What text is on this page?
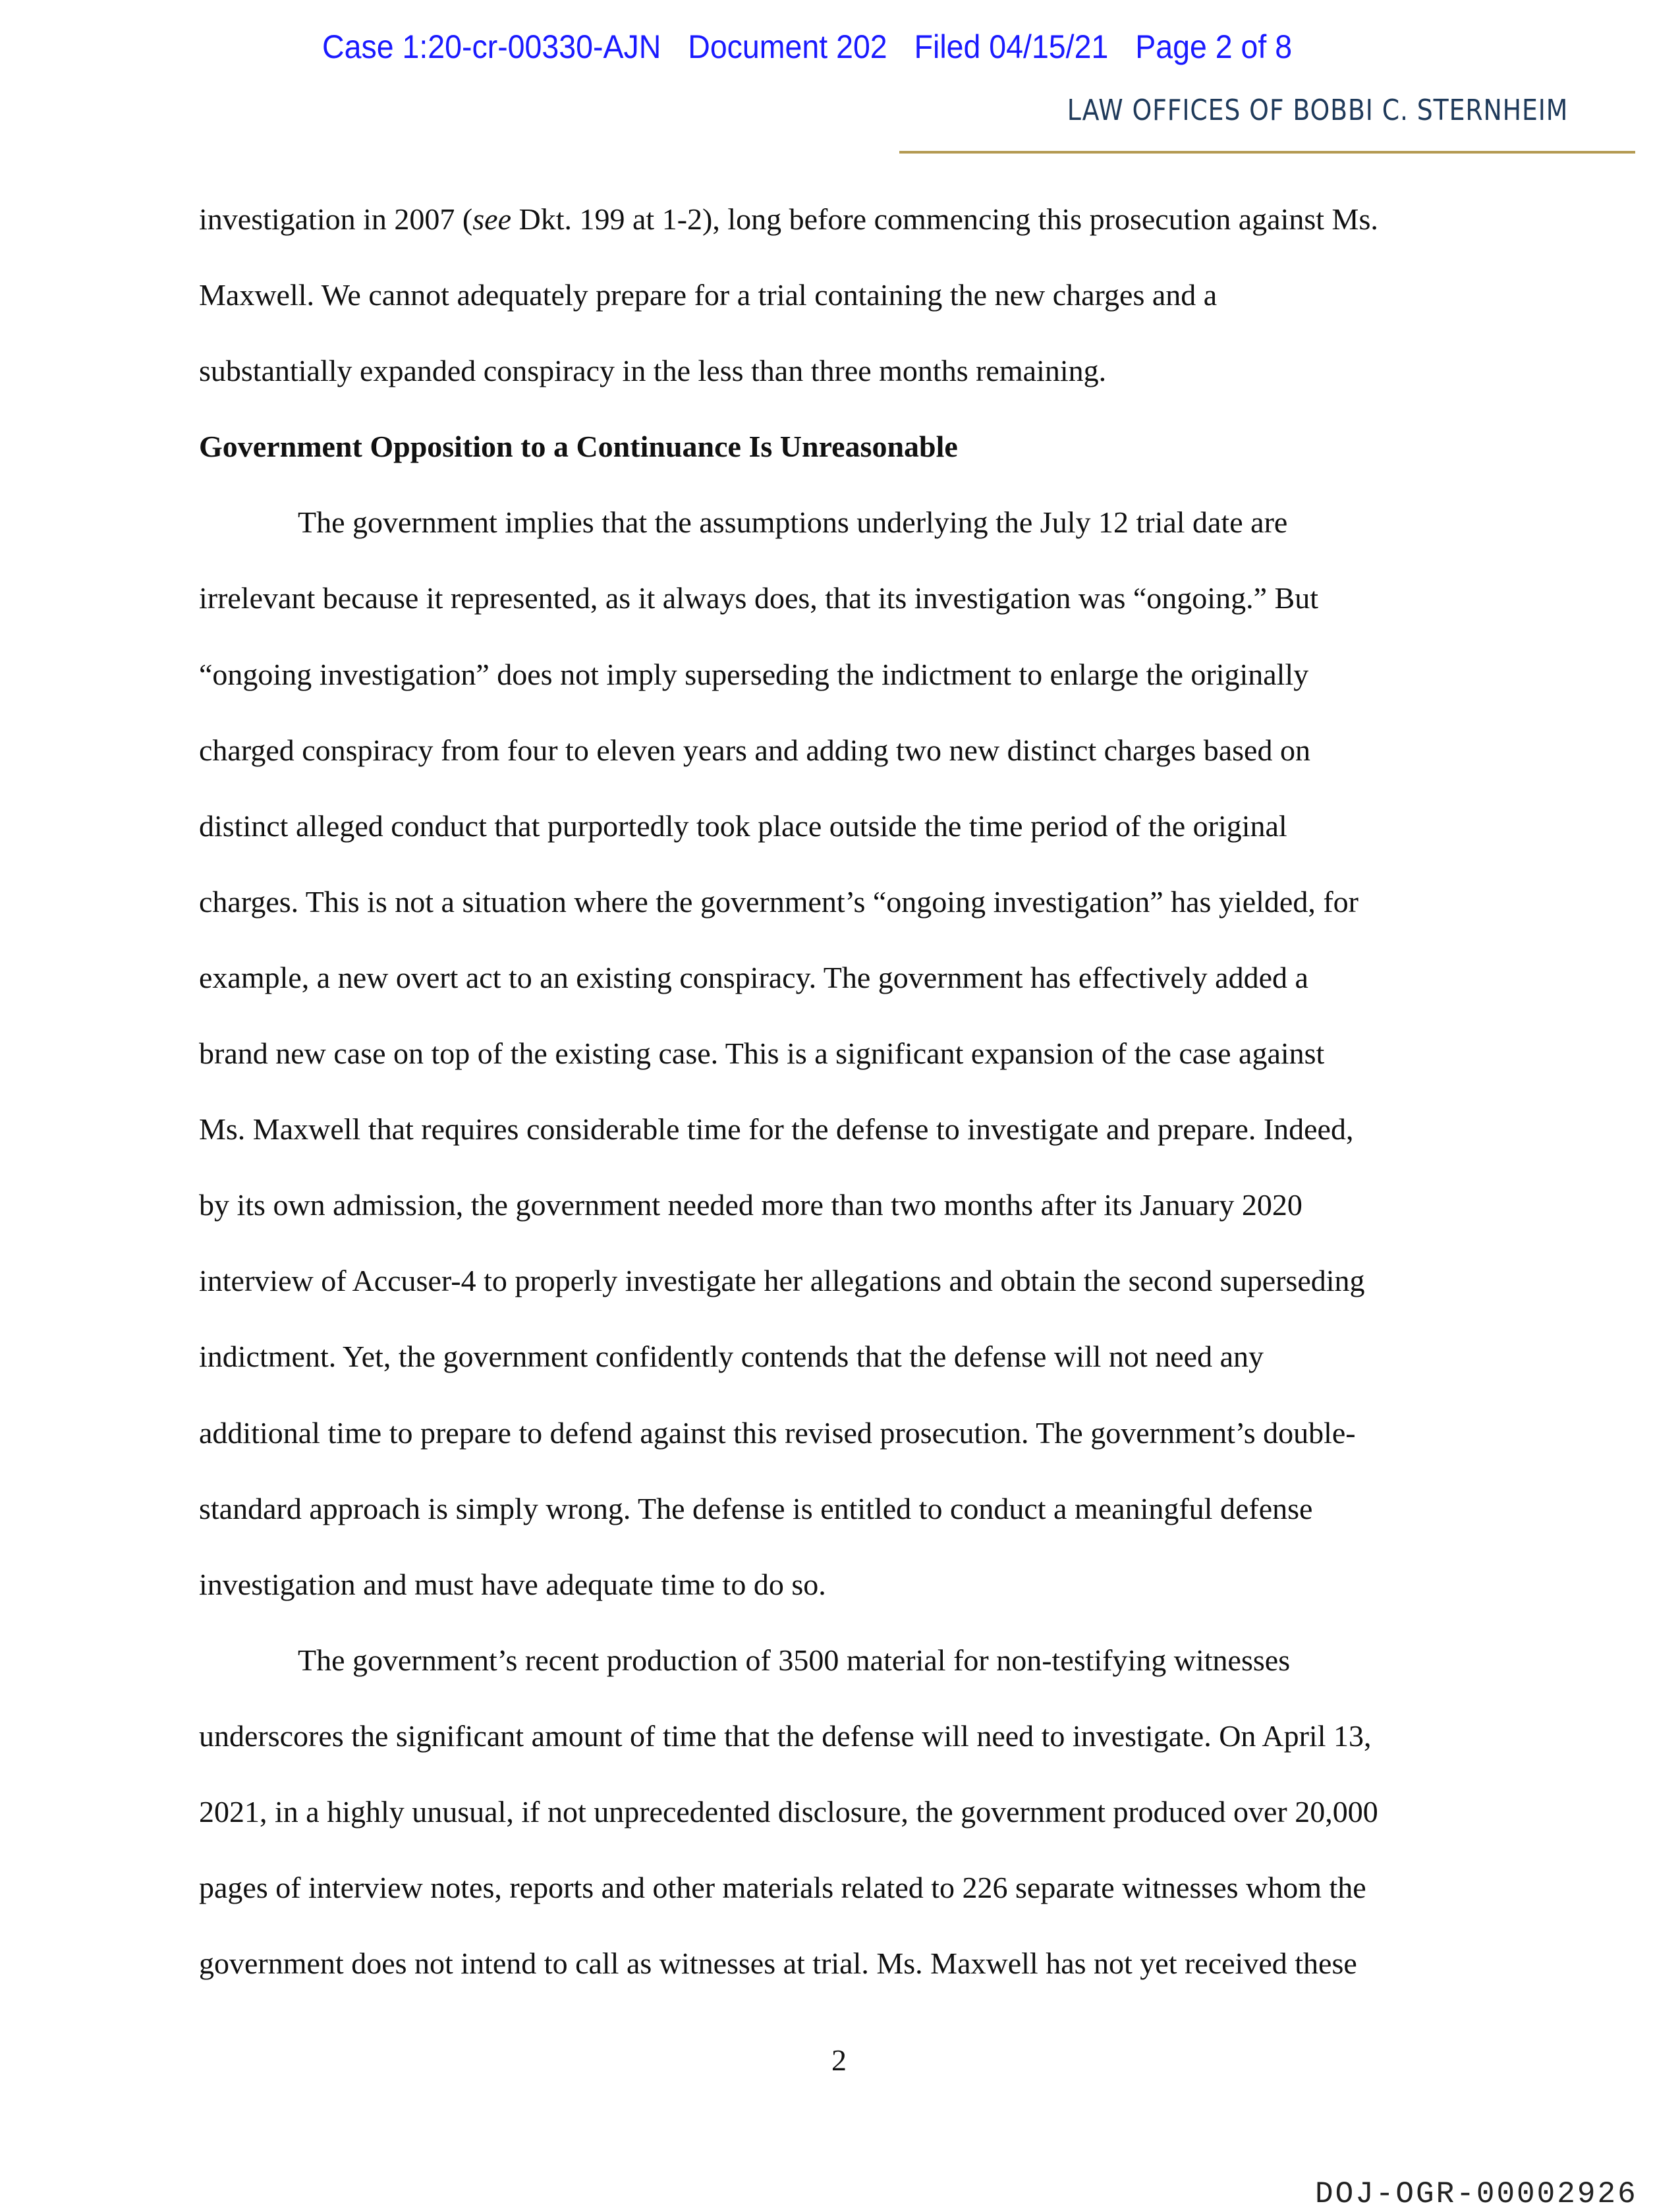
Case 1:20-cr-00330-AJN Document 202 Filed 04/15/21 Page 2 of 8
LAW OFFICES OF BOBBI C. STERNHEIM
investigation in 2007 (see Dkt. 199 at 1-2), long before commencing this prosecution against Ms.
Maxwell. We cannot adequately prepare for a trial containing the new charges and a
substantially expanded conspiracy in the less than three months remaining.
Government Opposition to a Continuance Is Unreasonable
The government implies that the assumptions underlying the July 12 trial date are
irrelevant because it represented, as it always does, that its investigation was “ongoing.” But
“ongoing investigation” does not imply superseding the indictment to enlarge the originally
charged conspiracy from four to eleven years and adding two new distinct charges based on
distinct alleged conduct that purportedly took place outside the time period of the original
charges. This is not a situation where the government’s “ongoing investigation” has yielded, for
example, a new overt act to an existing conspiracy. The government has effectively added a
brand new case on top of the existing case. This is a significant expansion of the case against
Ms. Maxwell that requires considerable time for the defense to investigate and prepare. Indeed,
by its own admission, the government needed more than two months after its January 2020
interview of Accuser-4 to properly investigate her allegations and obtain the second superseding
indictment. Yet, the government confidently contends that the defense will not need any
additional time to prepare to defend against this revised prosecution. The government’s double-
standard approach is simply wrong. The defense is entitled to conduct a meaningful defense
investigation and must have adequate time to do so.
The government’s recent production of 3500 material for non-testifying witnesses
underscores the significant amount of time that the defense will need to investigate. On April 13,
2021, in a highly unusual, if not unprecedented disclosure, the government produced over 20,000
pages of interview notes, reports and other materials related to 226 separate witnesses whom the
government does not intend to call as witnesses at trial. Ms. Maxwell has not yet received these
2
DOJ-OGR-00002926
